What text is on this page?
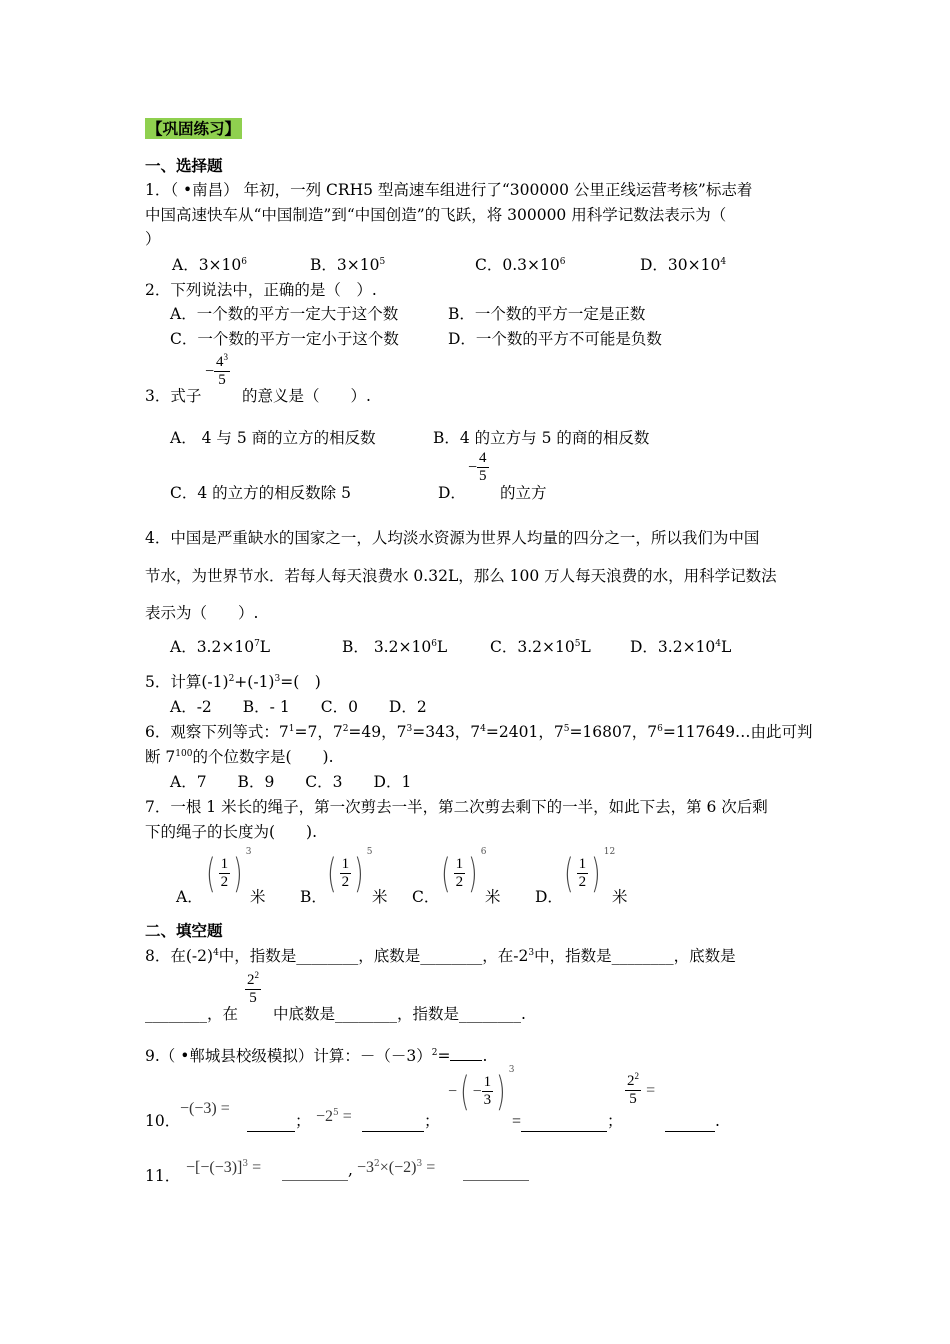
【巩固练习】
一、选择题
1．（ •南昌） 年初，一列 CRH5 型高速车组进行了“300000 公里正线运营考核”标志着
中国高速快车从“中国制造”到“中国创造”的飞跃，将 300000 用科学记数法表示为（
）
A．$3\times 10^6$	B．$3\times 10^5$	C．$0.3\times 10^6$	D．$30\times 10^4$
2．下列说法中，正确的是（　）.
A．一个数的平方一定大于这个数	B．一个数的平方一定是正数
C．一个数的平方一定小于这个数	D．一个数的平方不可能是负数
3．式子
− $\frac{4^3}{5}$
的意义是（　　）.
A． 4 与 5 商的立方的相反数	B．4 的立方与 5 的商的相反数
C．4 的立方的相反数除 5	D．
− $\frac{4}{5}$
的立方
4．中国是严重缺水的国家之一，人均淡水资源为世界人均量的四分之一，所以我们为中国
节水，为世界节水．若每人每天浪费水 0.32L，那么 100 万人每天浪费的水，用科学记数法
表示为（　　）.
A．$3.2\times 10^7L$	B． $3.2\times 10^6L$	C．$3.2\times 10^5L$	D．$3.2\times 10^4L$
5．计算$(-1)^2+(-1)^3=$(　)
A．-2　　B．- 1　　C．0　　D．2
6．观察下列等式：$7^1=7$，$7^2=49$，$7^3=343$，$7^4=2401$，$7^5=16807$，$7^6=117649\dots$由此可判
断 $7^{100}$的个位数字是(　　).
A．7　　B．9　　C．3　　D．1
7．一根 1 米长的绳子，第一次剪去一半，第二次剪去剩下的一半，如此下去，第 6 次后剩
下的绳子的长度为(　　).
A．
( $\frac{1}{2}$ ) $^3$
米 B．
( $\frac{1}{2}$ ) $^5$
米 C．
( $\frac{1}{2}$ ) $^6$
米 D．
( $\frac{1}{2}$ ) $^{12}$
米
二、填空题
8．在$(-2)^4$中，指数是________，底数是________，在$-2^3$中，指数是________，底数是
________，在
$\frac{2^2}{5}$
中底数是________，指数是________.
9.（ •郸城县校级模拟）计算：$-(-3)^2=$ .
10．
−(−3) =
； $-2^5$ =	；
−( − $\frac{1}{3}$ ) $^3$
=	；
$\frac{2^2}{5}$ =
.
11． $-[-(-3)]^3$ =	, $-3^2\times(-2)^3$ =
